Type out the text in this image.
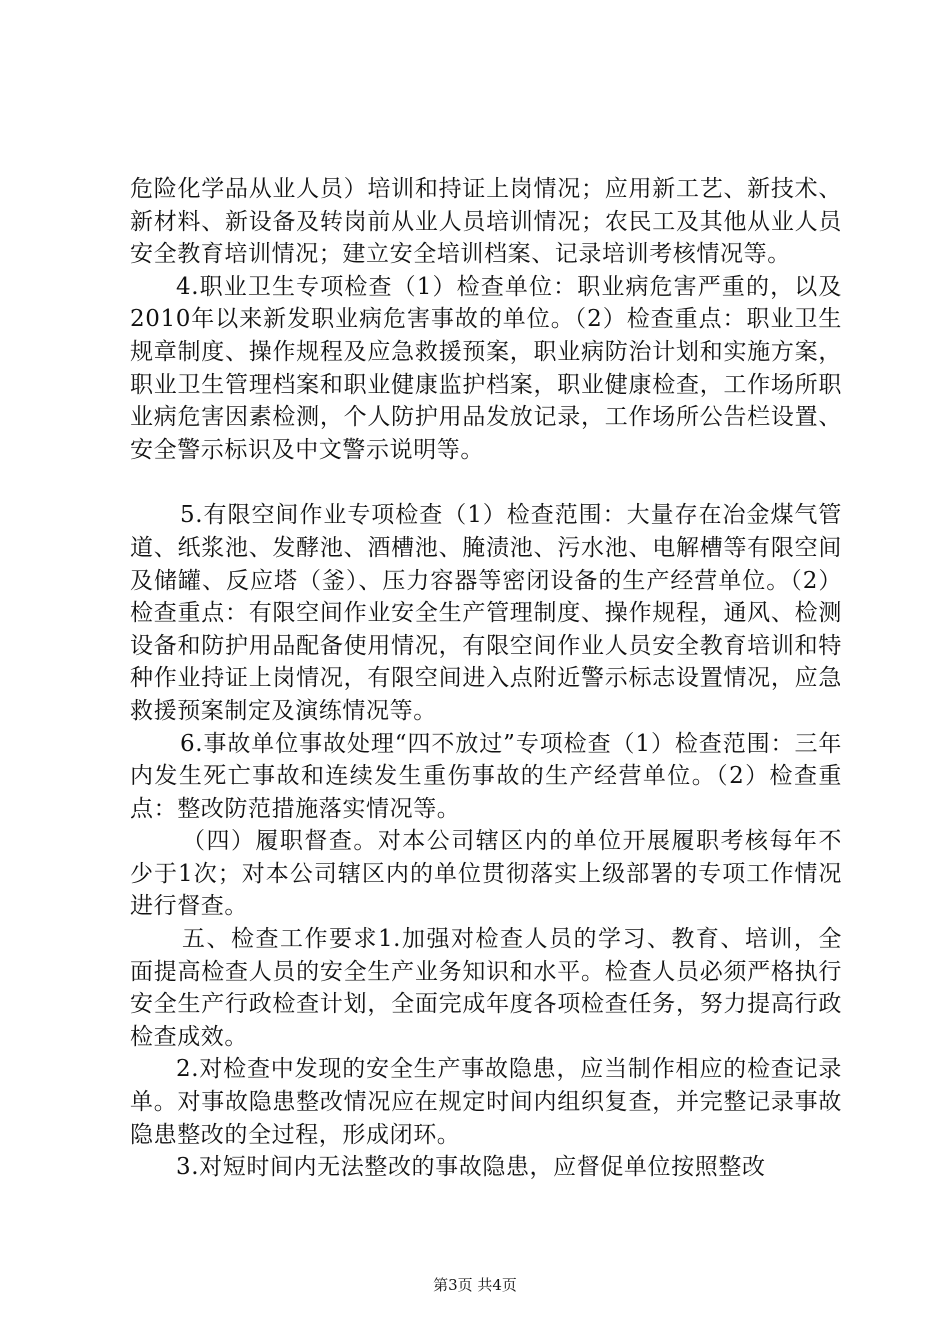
危险化学品从业人员）培训和持证上岗情况；应用新工艺、新技术、新材料、新设备及转岗前从业人员培训情况；农民工及其他从业人员安全教育培训情况；建立安全培训档案、记录培训考核情况等。

4.职业卫生专项检查（1）检查单位：职业病危害严重的，以及2010年以来新发职业病危害事故的单位。（2）检查重点：职业卫生规章制度、操作规程及应急救援预案，职业病防治计划和实施方案，职业卫生管理档案和职业健康监护档案，职业健康检查，工作场所职业病危害因素检测，个人防护用品发放记录，工作场所公告栏设置、安全警示标识及中文警示说明等。

5.有限空间作业专项检查（1）检查范围：大量存在冶金煤气管道、纸浆池、发酵池、酒槽池、腌渍池、污水池、电解槽等有限空间及储罐、反应塔（釜）、压力容器等密闭设备的生产经营单位。（2）检查重点：有限空间作业安全生产管理制度、操作规程，通风、检测设备和防护用品配备使用情况，有限空间作业人员安全教育培训和特种作业持证上岗情况，有限空间进入点附近警示标志设置情况，应急救援预案制定及演练情况等。

6.事故单位事故处理“四不放过”专项检查（1）检查范围：三年内发生死亡事故和连续发生重伤事故的生产经营单位。（2）检查重点：整改防范措施落实情况等。

（四）履职督查。对本公司辖区内的单位开展履职考核每年不少于1次；对本公司辖区内的单位贯彻落实上级部署的专项工作情况进行督查。

五、检查工作要求1.加强对检查人员的学习、教育、培训，全面提高检查人员的安全生产业务知识和水平。检查人员必须严格执行安全生产行政检查计划，全面完成年度各项检查任务，努力提高行政检查成效。

2.对检查中发现的安全生产事故隐患，应当制作相应的检查记录单。对事故隐患整改情况应在规定时间内组织复查，并完整记录事故隐患整改的全过程，形成闭环。

3.对短时间内无法整改的事故隐患，应督促单位按照整改

第3页 共4页
